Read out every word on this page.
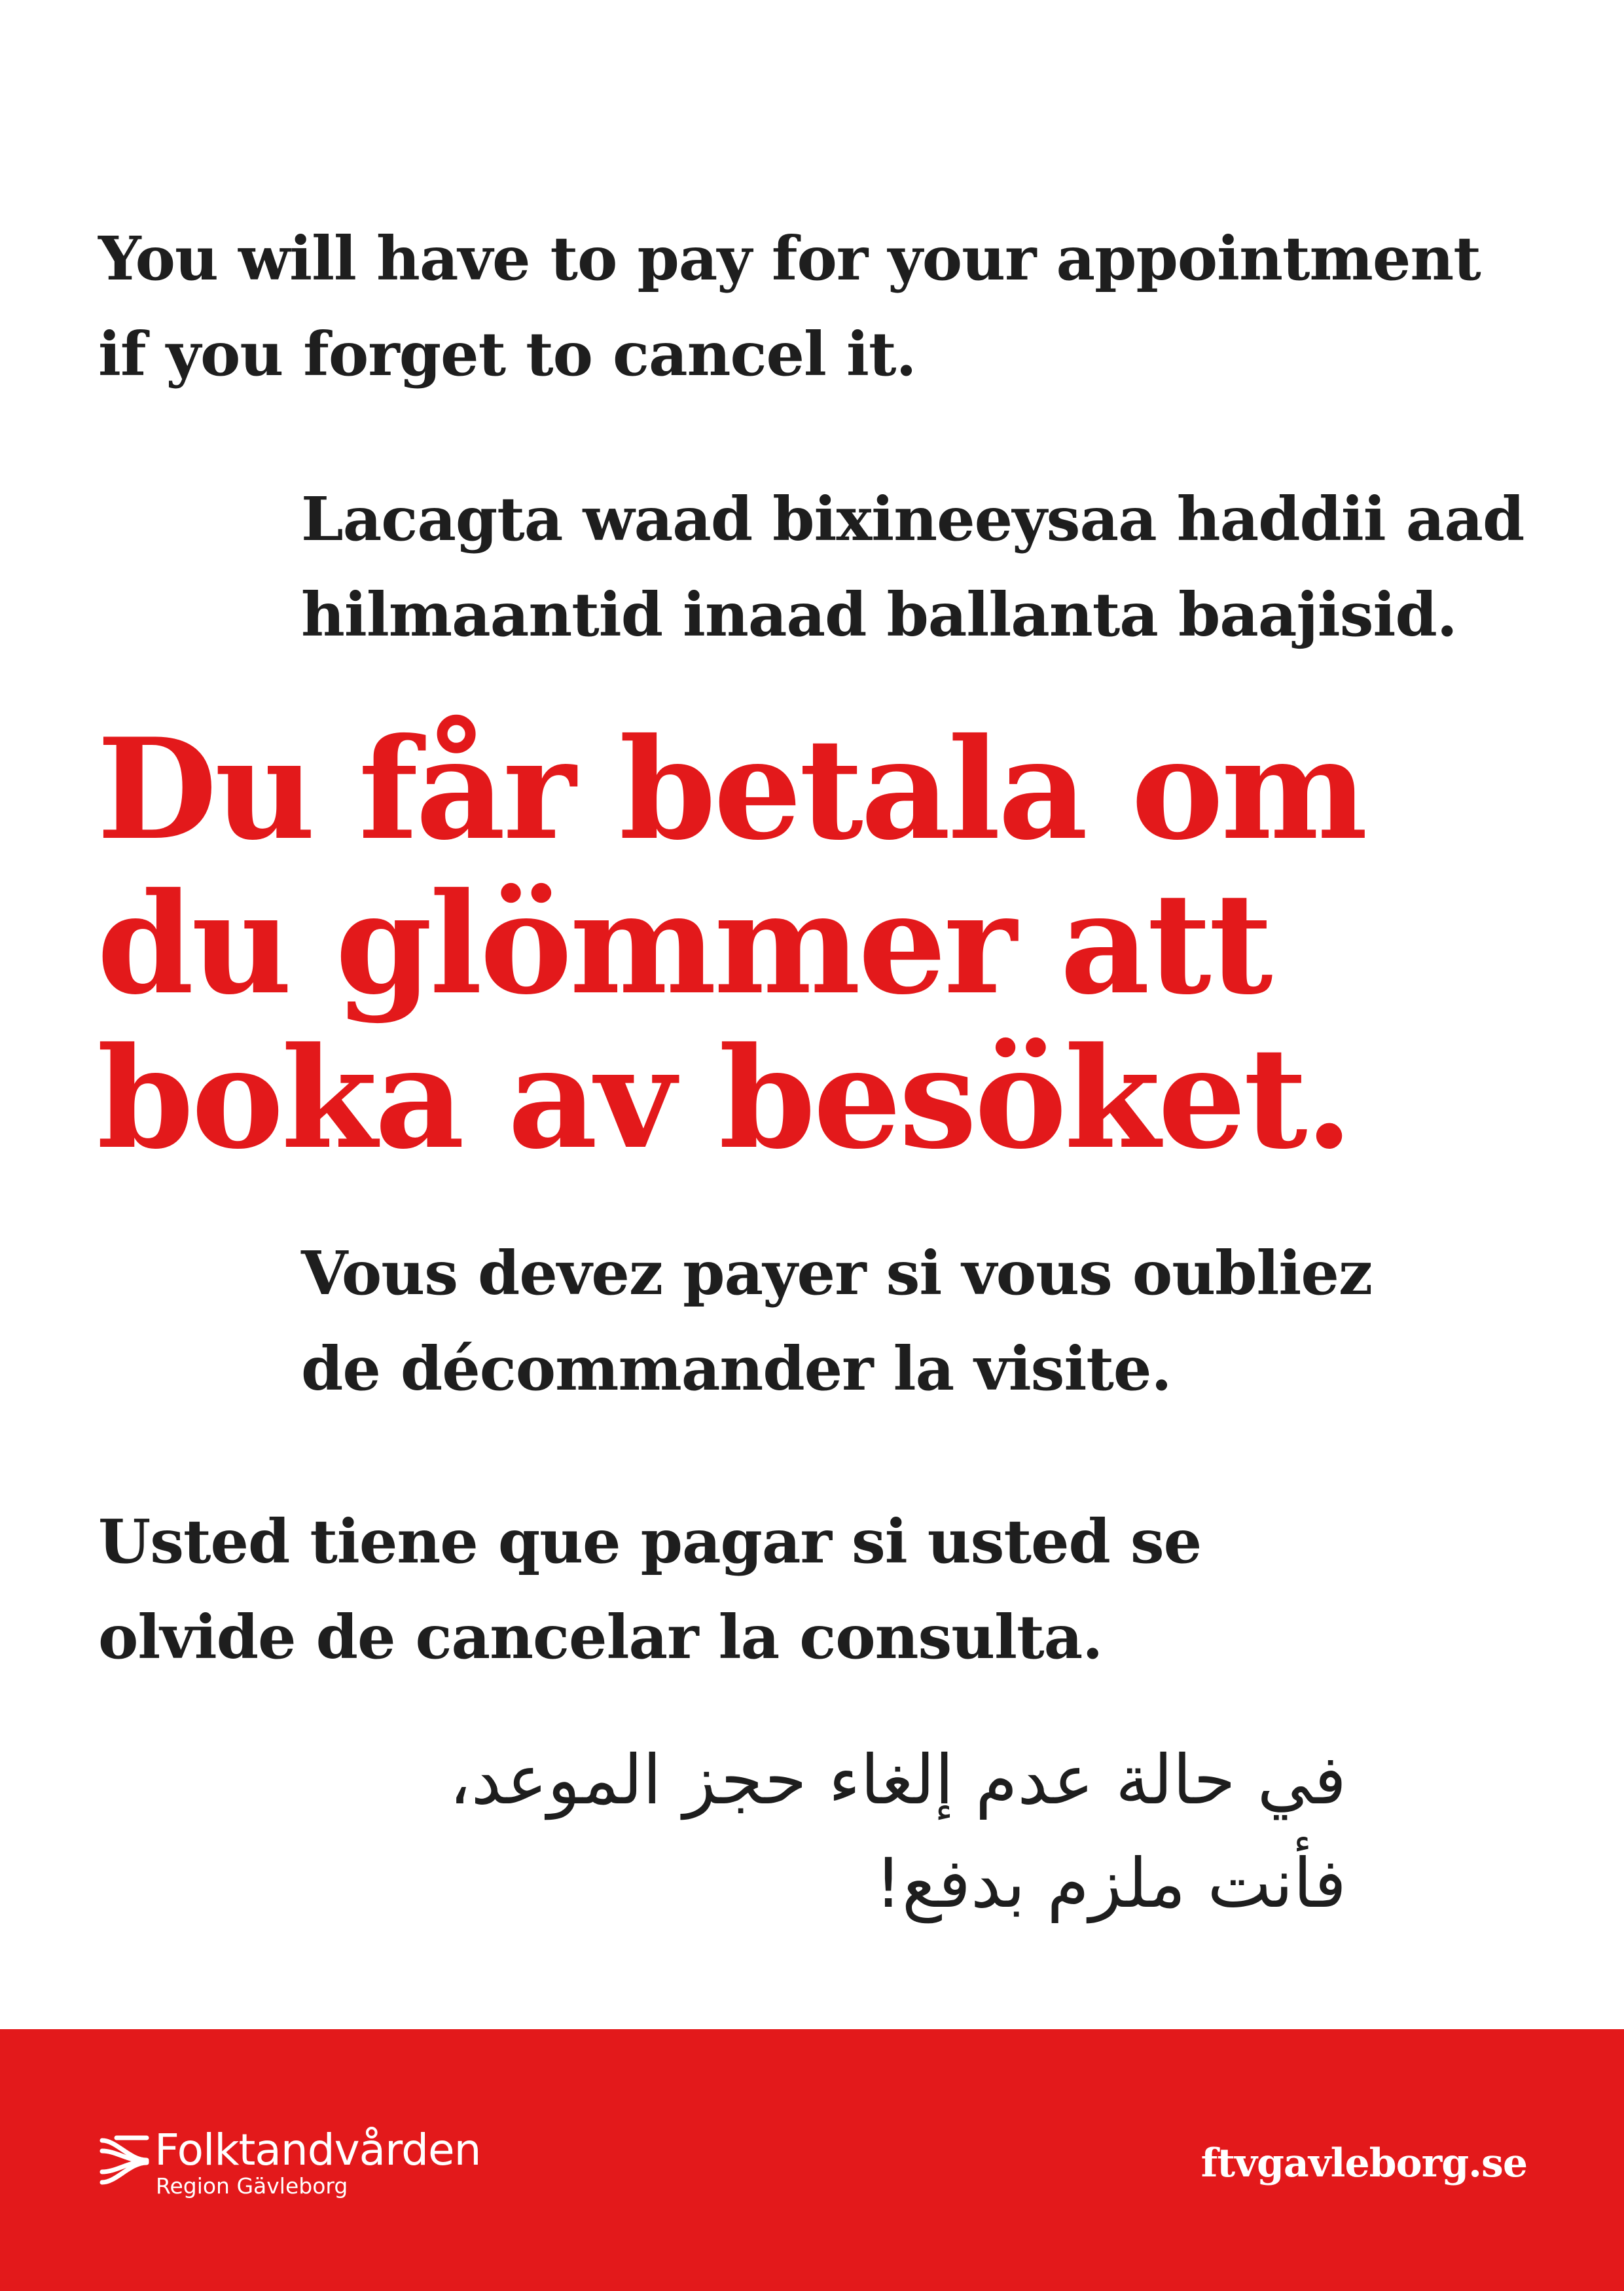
You will have to pay for your appointment
if you forget to cancel it.
Lacagta waad bixineeysaa haddii aad
hilmaantid inaad ballanta baajisid.
Du får betala om
du glömmer att
boka av besöket.
Vous devez payer si vous oubliez
de décommander la visite.
Usted tiene que pagar si usted se
olvide de cancelar la consulta.
في حالة عدم إلغاء حجز الموعد،
فأنت ملزم بدفع!
Folktandvården
Region Gävleborg	ftvgavleborg.se
